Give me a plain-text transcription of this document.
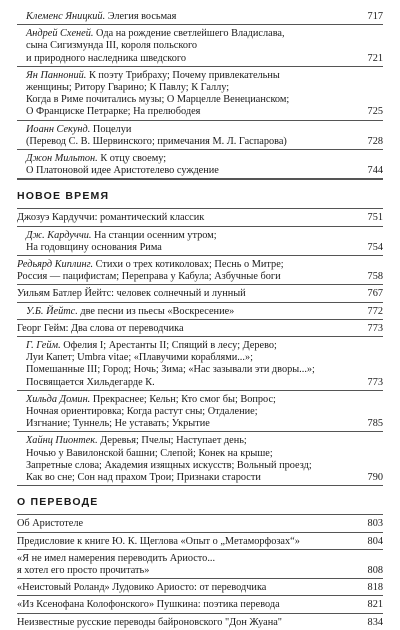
Клеменс Яницкий. Элегия восьмая	717
Андрей Схеней. Ода на рождение светлейшего Владислава,
сына Сигизмунда III, короля польского
и природного наследника шведского	721
Ян Панноний. К поэту Трибраху; Почему привлекательны
женщины; Ритору Гварино; К Павлу; К Галлу;
Когда в Риме почитались музы; О Марцелле Венецианском;
О Франциске Петрарке; На прелюбодея	725
Иоанн Секунд. Поцелуи
(Перевод С. В. Шервинского; примечания М. Л. Гаспарова)	728
Джон Мильтон. К отцу своему;
О Платоновой идее Аристотелево суждение	744
НОВОЕ ВРЕМЯ
Джозуэ Кардуччи: романтический классик	751
Дж. Кардуччи. На станции осенним утром;
На годовщину основания Рима	754
Редьярд Киплинг. Стихи о трех котиколовах; Песнь о Митре;
Россия — пацифистам; Переправа у Кабула; Азбучные боги	758
Уильям Батлер Йейтс: человек солнечный и лунный	767
У.Б. Йейтс. две песни из пьесы «Воскресение»	772
Георг Гейм: Два слова от переводчика	773
Г. Гейм. Офелия I; Арестанты II; Спящий в лесу; Дерево;
Луи Капет; Umbra vitae; «Плавучими кораблями...»;
Помешанные III; Город; Ночь; Зима; «Нас зазывали эти дворы...»;
Посвящается Хильдегарде К.	773
Хильда Домин. Прекраснее; Кельн; Кто смог бы; Вопрос;
Ночная ориентировка; Когда растут сны; Отдаление;
Изгнание; Туннель; Не уставать; Укрытие	785
Хайнц Пионтек. Деревья; Пчелы; Наступает день;
Ночью у Вавилонской башни; Слепой; Конек на крыше;
Запретные слова; Академия изящных искусств; Вольный проезд;
Как во сне; Сон над прахом Трои; Признаки старости	790
О ПЕРЕВОДЕ
Об Аристотеле	803
Предисловие к книге Ю. К. Щеглова «Опыт о „Метаморфозах“»	804
«Я не имел намерения переводить Ариосто...
я хотел его просто прочитать»	808
«Неистовый Роланд» Лудовико Ариосто: от переводчика	818
«Из Ксенофана Колофонского» Пушкина: поэтика перевода	821
Неизвестные русские переводы байроновского "Дон Жуана"	834
